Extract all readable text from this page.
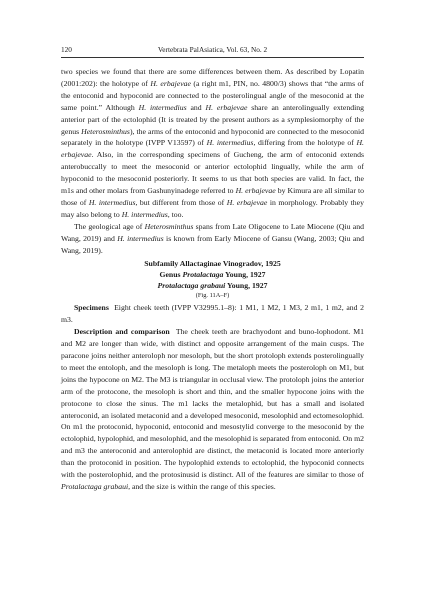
120	Vertebrata PalAsiatica, Vol. 63, No. 2

two species we found that there are some differences between them. As described by Lopatin (2001:202): the holotype of H. erbajevae (a right m1, PIN, no. 4800/3) shows that “the arms of the entoconid and hypoconid are connected to the posterolingual angle of the mesoconid at the same point.” Although H. intermedius and H. erbajevae share an anterolingually extending anterior part of the ectolophid (It is treated by the present authors as a symplesiomorphy of the genus Heterosminthus), the arms of the entoconid and hypoconid are connected to the mesoconid separately in the holotype (IVPP V13597) of H. intermedius, differing from the holotype of H. erbajevae. Also, in the corresponding specimens of Gucheng, the arm of entoconid extends anterobuccally to meet the mesoconid or anterior ectolophid lingually, while the arm of hypoconid to the mesoconid posteriorly. It seems to us that both species are valid. In fact, the m1s and other molars from Gashunyinadege referred to H. erbajevae by Kimura are all similar to those of H. intermedius, but different from those of H. erbajevae in morphology. Probably they may also belong to H. intermedius, too.

The geological age of Heterosminthus spans from Late Oligocene to Late Miocene (Qiu and Wang, 2019) and H. intermedius is known from Early Miocene of Gansu (Wang, 2003; Qiu and Wang, 2019).

Subfamily Allactaginae Vinogradov, 1925

Genus Protalactaga Young, 1927

Protalactaga grabaui Young, 1927

(Fig. 11A–F)

Specimens Eight cheek teeth (IVPP V32995.1–8): 1 M1, 1 M2, 1 M3, 2 m1, 1 m2, and 2 m3.

Description and comparison The cheek teeth are brachyodont and buno-lophodont. M1 and M2 are longer than wide, with distinct and opposite arrangement of the main cusps. The paracone joins neither anteroloph nor mesoloph, but the short protoloph extends posterolingually to meet the entoloph, and the mesoloph is long. The metaloph meets the posteroloph on M1, but joins the hypocone on M2. The M3 is triangular in occlusal view. The protoloph joins the anterior arm of the protocone, the mesoloph is short and thin, and the smaller hypocone joins with the protocone to close the sinus. The m1 lacks the metalophid, but has a small and isolated anteroconid, an isolated metaconid and a developed mesoconid, mesolophid and ectomesolophid. On m1 the protoconid, hypoconid, entoconid and mesostylid converge to the mesoconid by the ectolophid, hypolophid, and mesolophid, and the mesolophid is separated from entoconid. On m2 and m3 the anteroconid and anterolophid are distinct, the metaconid is located more anteriorly than the protoconid in position. The hypolophid extends to ectolophid, the hypoconid connects with the posterolophid, and the protosinusid is distinct. All of the features are similar to those of Protalactaga grabaui, and the size is within the range of this species.
